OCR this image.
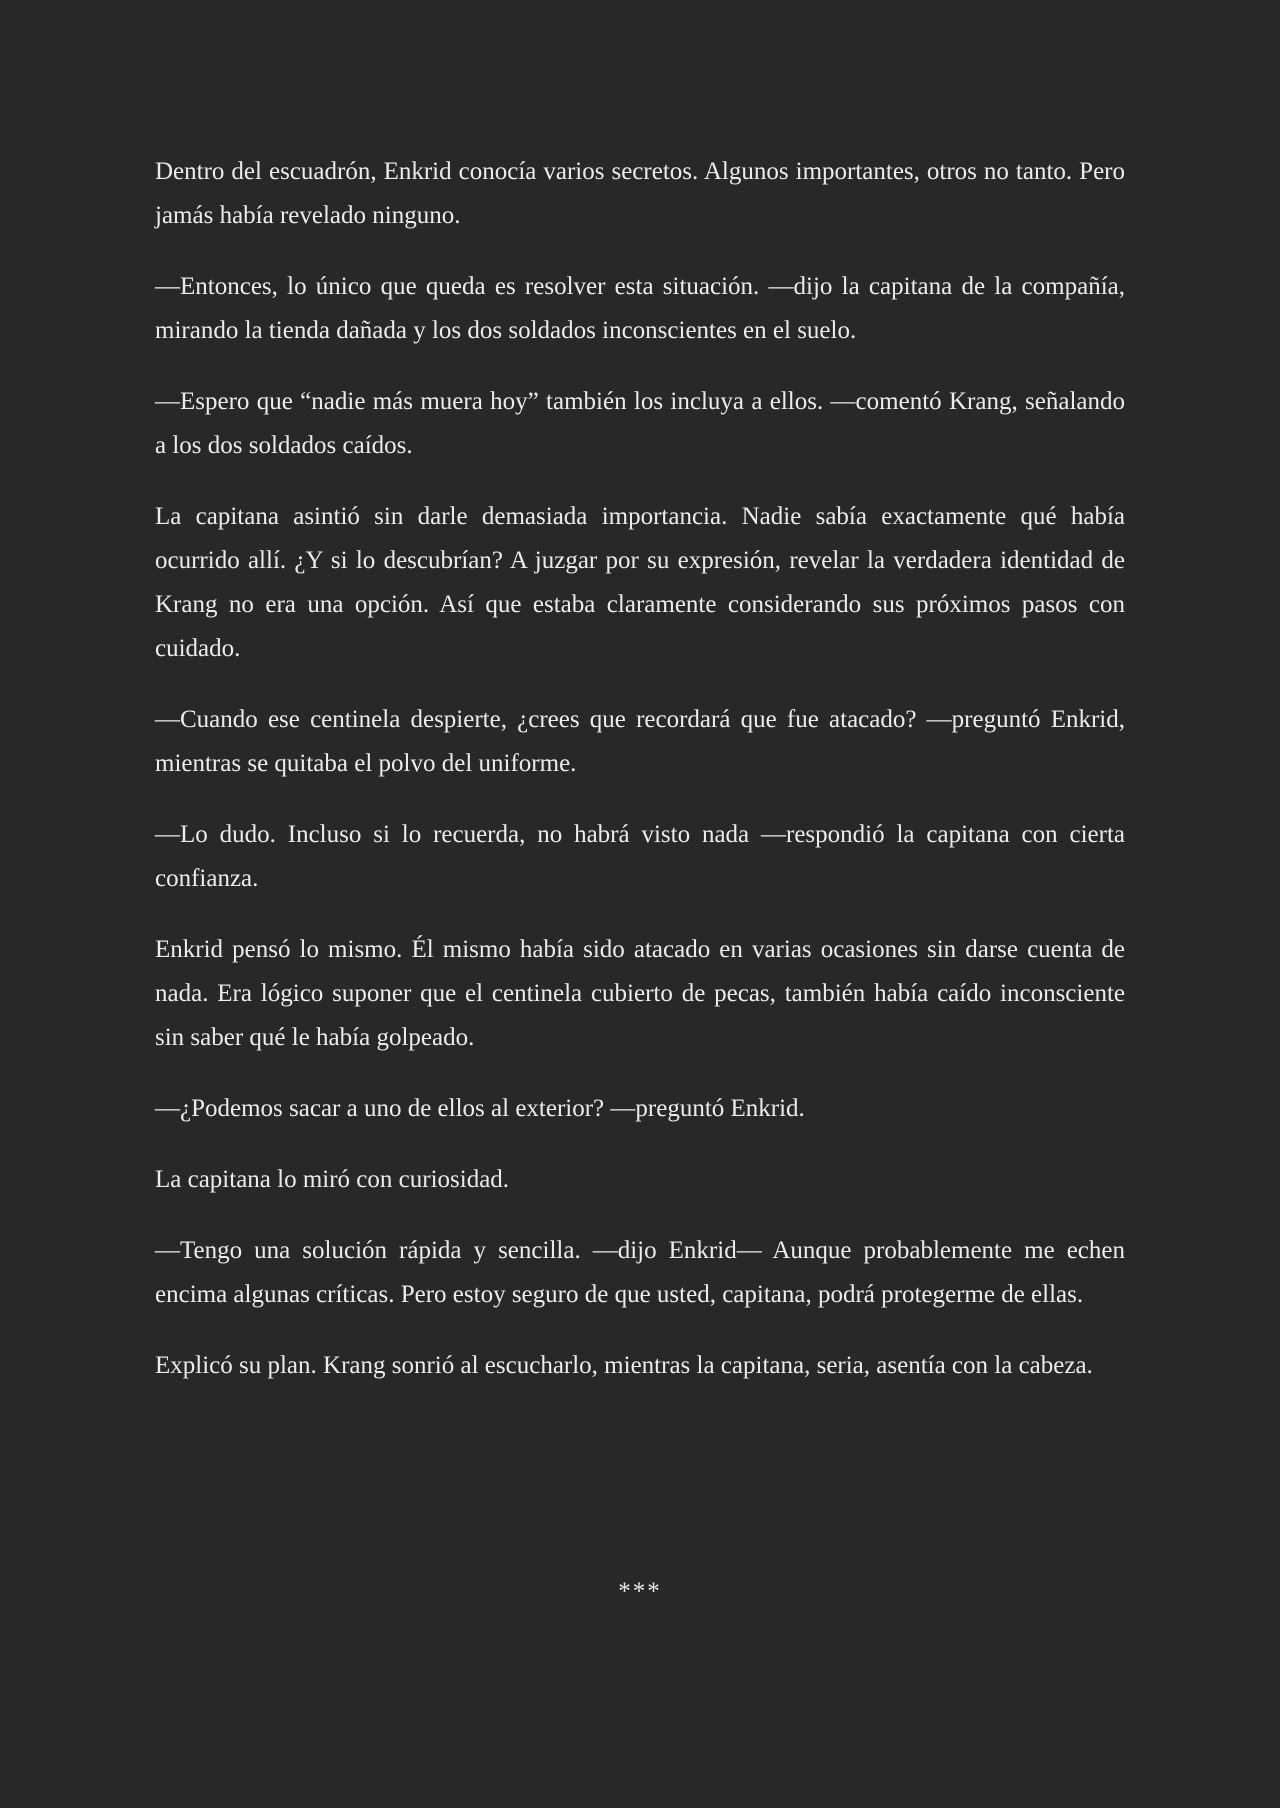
Dentro del escuadrón, Enkrid conocía varios secretos. Algunos importantes, otros no tanto. Pero jamás había revelado ninguno.

—Entonces, lo único que queda es resolver esta situación. —dijo la capitana de la compañía, mirando la tienda dañada y los dos soldados inconscientes en el suelo.

—Espero que “nadie más muera hoy” también los incluya a ellos. —comentó Krang, señalando a los dos soldados caídos.

La capitana asintió sin darle demasiada importancia. Nadie sabía exactamente qué había ocurrido allí. ¿Y si lo descubrían? A juzgar por su expresión, revelar la verdadera identidad de Krang no era una opción. Así que estaba claramente considerando sus próximos pasos con cuidado.

—Cuando ese centinela despierte, ¿crees que recordará que fue atacado? —preguntó Enkrid, mientras se quitaba el polvo del uniforme.

—Lo dudo. Incluso si lo recuerda, no habrá visto nada —respondió la capitana con cierta confianza.

Enkrid pensó lo mismo. Él mismo había sido atacado en varias ocasiones sin darse cuenta de nada. Era lógico suponer que el centinela cubierto de pecas, también había caído inconsciente sin saber qué le había golpeado.

—¿Podemos sacar a uno de ellos al exterior? —preguntó Enkrid.

La capitana lo miró con curiosidad.

—Tengo una solución rápida y sencilla. —dijo Enkrid— Aunque probablemente me echen encima algunas críticas. Pero estoy seguro de que usted, capitana, podrá protegerme de ellas.

Explicó su plan. Krang sonrió al escucharlo, mientras la capitana, seria, asentía con la cabeza.

***
